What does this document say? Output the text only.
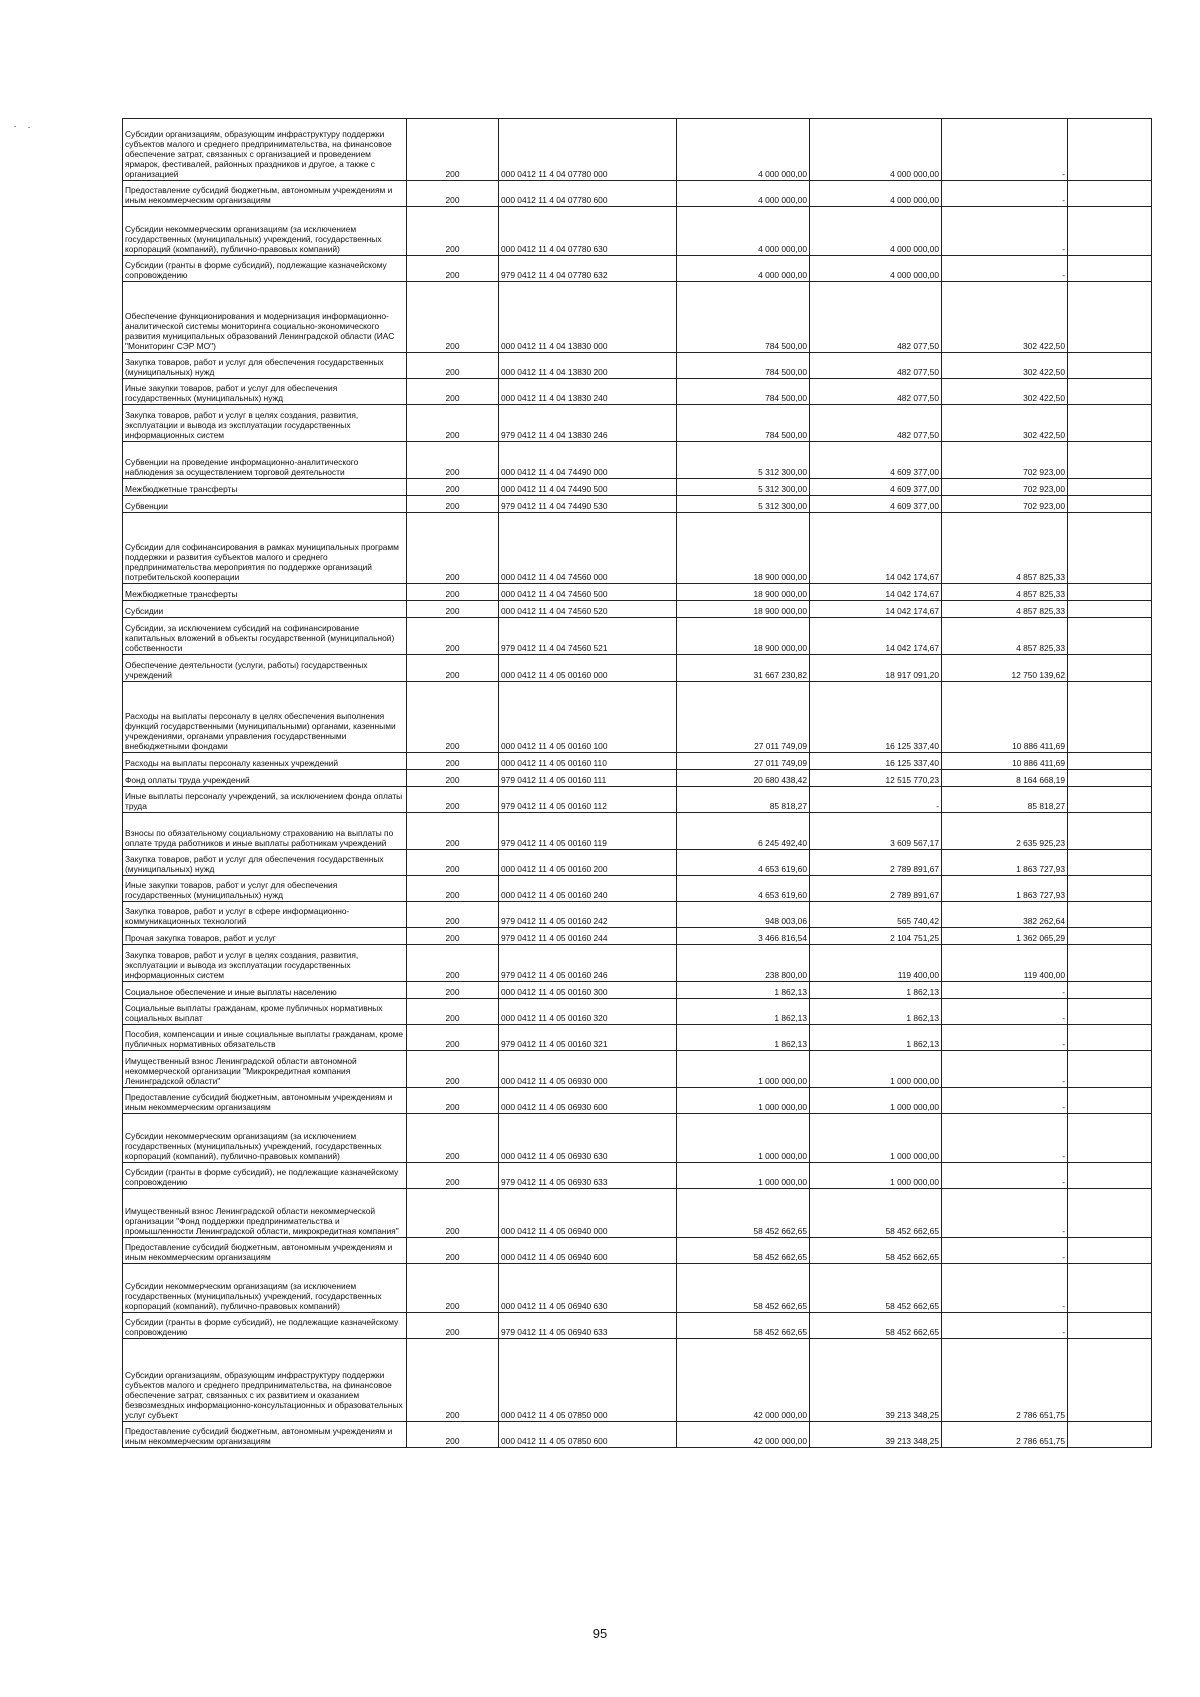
Субсидии организациям, образующим инфраструктуру поддержки субъектов малого и среднего предпринимательства, на финансовое обеспечение затрат, связанных с организацией и проведением ярмарок, фестивалей, районных праздников и другое, а также с организацией	200	000 0412 11 4 04 07780 000	4 000 000,00	4 000 000,00	-	
Предоставление субсидий бюджетным, автономным учреждениям и иным некоммерческим организациям	200	000 0412 11 4 04 07780 600	4 000 000,00	4 000 000,00	-	
Субсидии некоммерческим организациям (за исключением государственных (муниципальных) учреждений, государственных корпораций (компаний), публично-правовых компаний)	200	000 0412 11 4 04 07780 630	4 000 000,00	4 000 000,00	-	
Субсидии (гранты в форме субсидий), подлежащие казначейскому сопровождению	200	979 0412 11 4 04 07780 632	4 000 000,00	4 000 000,00	-	
Обеспечение функционирования и модернизация информационно-аналитической системы мониторинга социально-экономического развития муниципальных образований Ленинградской области (ИАС "Мониторинг СЭР МО")	200	000 0412 11 4 04 13830 000	784 500,00	482 077,50	302 422,50	
Закупка товаров, работ и услуг для обеспечения государственных (муниципальных) нужд	200	000 0412 11 4 04 13830 200	784 500,00	482 077,50	302 422,50	
Иные закупки товаров, работ и услуг для обеспечения государственных (муниципальных) нужд	200	000 0412 11 4 04 13830 240	784 500,00	482 077,50	302 422,50	
Закупка товаров, работ и услуг в целях создания, развития, эксплуатации и вывода из эксплуатации государственных информационных систем	200	979 0412 11 4 04 13830 246	784 500,00	482 077,50	302 422,50	
Субвенции на проведение информационно-аналитического наблюдения за осуществлением торговой деятельности	200	000 0412 11 4 04 74490 000	5 312 300,00	4 609 377,00	702 923,00	
Межбюджетные трансферты	200	000 0412 11 4 04 74490 500	5 312 300,00	4 609 377,00	702 923,00	
Субвенции	200	979 0412 11 4 04 74490 530	5 312 300,00	4 609 377,00	702 923,00	
Субсидии для софинансирования в рамках муниципальных программ поддержки и развития субъектов малого и среднего предпринимательства мероприятия по поддержке организаций потребительской кооперации	200	000 0412 11 4 04 74560 000	18 900 000,00	14 042 174,67	4 857 825,33	
Межбюджетные трансферты	200	000 0412 11 4 04 74560 500	18 900 000,00	14 042 174,67	4 857 825,33	
Субсидии	200	000 0412 11 4 04 74560 520	18 900 000,00	14 042 174,67	4 857 825,33	
Субсидии, за исключением субсидий на софинансирование капитальных вложений в объекты государственной (муниципальной) собственности	200	979 0412 11 4 04 74560 521	18 900 000,00	14 042 174,67	4 857 825,33	
Обеспечение деятельности (услуги, работы) государственных учреждений	200	000 0412 11 4 05 00160 000	31 667 230,82	18 917 091,20	12 750 139,62	
Расходы на выплаты персоналу в целях обеспечения выполнения функций государственными (муниципальными) органами, казенными учреждениями, органами управления государственными внебюджетными фондами	200	000 0412 11 4 05 00160 100	27 011 749,09	16 125 337,40	10 886 411,69	
Расходы на выплаты персоналу казенных учреждений	200	000 0412 11 4 05 00160 110	27 011 749,09	16 125 337,40	10 886 411,69	
Фонд оплаты труда учреждений	200	979 0412 11 4 05 00160 111	20 680 438,42	12 515 770,23	8 164 668,19	
Иные выплаты персоналу учреждений, за исключением фонда оплаты труда	200	979 0412 11 4 05 00160 112	85 818,27	-	85 818,27	
Взносы по обязательному социальному страхованию на выплаты по оплате труда работников и иные выплаты работникам учреждений	200	979 0412 11 4 05 00160 119	6 245 492,40	3 609 567,17	2 635 925,23	
Закупка товаров, работ и услуг для обеспечения государственных (муниципальных) нужд	200	000 0412 11 4 05 00160 200	4 653 619,60	2 789 891,67	1 863 727,93	
Иные закупки товаров, работ и услуг для обеспечения государственных (муниципальных) нужд	200	000 0412 11 4 05 00160 240	4 653 619,60	2 789 891,67	1 863 727,93	
Закупка товаров, работ и услуг в сфере информационно-коммуникационных технологий	200	979 0412 11 4 05 00160 242	948 003,06	565 740,42	382 262,64	
Прочая закупка товаров, работ и услуг	200	979 0412 11 4 05 00160 244	3 466 816,54	2 104 751,25	1 362 065,29	
Закупка товаров, работ и услуг в целях создания, развития, эксплуатации и вывода из эксплуатации государственных информационных систем	200	979 0412 11 4 05 00160 246	238 800,00	119 400,00	119 400,00	
Социальное обеспечение и иные выплаты населению	200	000 0412 11 4 05 00160 300	1 862,13	1 862,13	-	
Социальные выплаты гражданам, кроме публичных нормативных социальных выплат	200	000 0412 11 4 05 00160 320	1 862,13	1 862,13	-	
Пособия, компенсации и иные социальные выплаты гражданам, кроме публичных нормативных обязательств	200	979 0412 11 4 05 00160 321	1 862,13	1 862,13	-	
Имущественный взнос Ленинградской области автономной некоммерческой организации "Микрокредитная компания Ленинградской области"	200	000 0412 11 4 05 06930 000	1 000 000,00	1 000 000,00	-	
Предоставление субсидий бюджетным, автономным учреждениям и иным некоммерческим организациям	200	000 0412 11 4 05 06930 600	1 000 000,00	1 000 000,00	-	
Субсидии некоммерческим организациям (за исключением государственных (муниципальных) учреждений, государственных корпораций (компаний), публично-правовых компаний)	200	000 0412 11 4 05 06930 630	1 000 000,00	1 000 000,00	-	
Субсидии (гранты в форме субсидий), не подлежащие казначейскому сопровождению	200	979 0412 11 4 05 06930 633	1 000 000,00	1 000 000,00	-	
Имущественный взнос Ленинградской области некоммерческой организации "Фонд поддержки предпринимательства и промышленности Ленинградской области, микрокредитная компания"	200	000 0412 11 4 05 06940 000	58 452 662,65	58 452 662,65	-	
Предоставление субсидий бюджетным, автономным учреждениям и иным некоммерческим организациям	200	000 0412 11 4 05 06940 600	58 452 662,65	58 452 662,65	-	
Субсидии некоммерческим организациям (за исключением государственных (муниципальных) учреждений, государственных корпораций (компаний), публично-правовых компаний)	200	000 0412 11 4 05 06940 630	58 452 662,65	58 452 662,65	-	
Субсидии (гранты в форме субсидий), не подлежащие казначейскому сопровождению	200	979 0412 11 4 05 06940 633	58 452 662,65	58 452 662,65	-	
Субсидии организациям, образующим инфраструктуру поддержки субъектов малого и среднего предпринимательства, на финансовое обеспечение затрат, связанных с их развитием и оказанием безвозмездных информационно-консультационных и образовательных услуг субъект	200	000 0412 11 4 05 07850 000	42 000 000,00	39 213 348,25	2 786 651,75	
Предоставление субсидий бюджетным, автономным учреждениям и иным некоммерческим организациям	200	000 0412 11 4 05 07850 600	42 000 000,00	39 213 348,25	2 786 651,75	
95
